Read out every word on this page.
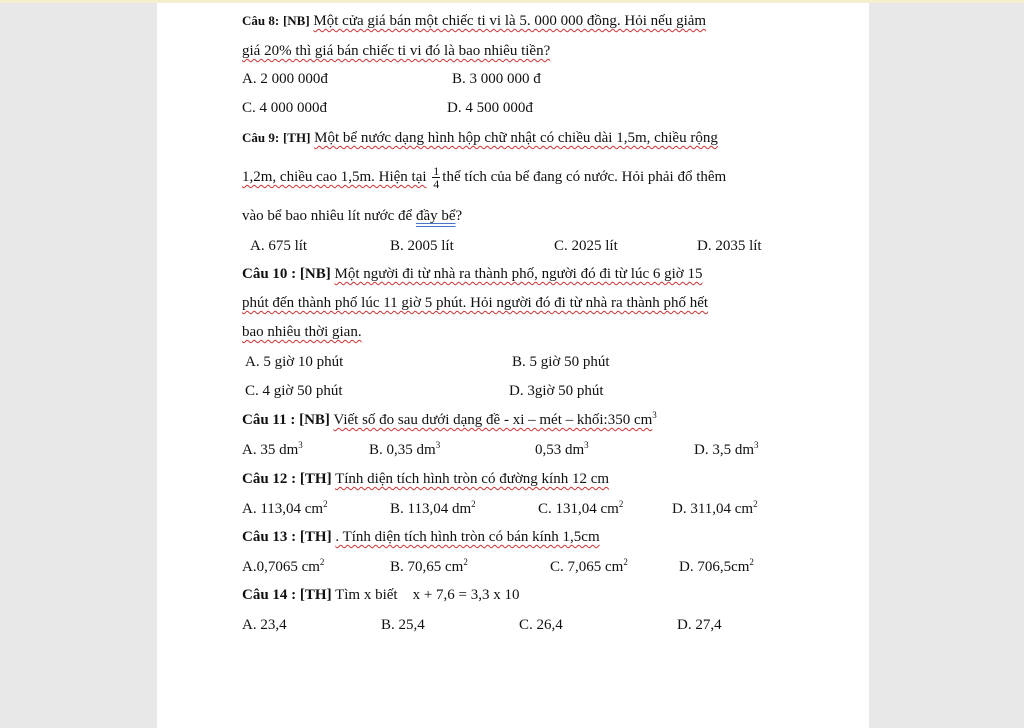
Câu 8: [NB] Một cửa giá bán một chiếc ti vi là 5. 000 000 đồng. Hỏi nếu giảm
giá 20% thì giá bán chiếc ti vi đó là bao nhiêu tiền?
A. 2 000 000đ	B. 3 000 000 đ
C. 4 000 000đ	D. 4 500 000đ
Câu 9: [TH] Một bể nước dạng hình hộp chữ nhật có chiều dài 1,5m, chiều rộng
1,2m, chiều cao 1,5m. Hiện tại $\frac{1}{4}$ thể tích của bể đang có nước. Hỏi phải đổ thêm
vào bể bao nhiêu lít nước để đầy bể?
A. 675 lít	B. 2005 lít	C. 2025 lít	D. 2035 lít
Câu 10 : [NB] Một người đi từ nhà ra thành phố, người đó đi từ lúc 6 giờ 15
phút đến thành phố lúc 11 giờ 5 phút. Hỏi người đó đi từ nhà ra thành phố hết
bao nhiêu thời gian.
A. 5 giờ 10 phút	B. 5 giờ 50 phút
C. 4 giờ 50 phút	D. 3giờ 50 phút
Câu 11 : [NB] Viết số đo sau dưới dạng đề - xi – mét – khối:350 $cm^3$
A. 35 $dm^3$	B. 0,35 $dm^3$	0,53 $dm^3$	D. 3,5 $dm^3$
Câu 12 : [TH] Tính diện tích hình tròn có đường kính 12 cm
A. 113,04 $cm^2$	B. 113,04 $dm^2$	C. 131,04 $cm^2$	D. 311,04 $cm^2$
Câu 13 : [TH] . Tính diện tích hình tròn có bán kính 1,5cm
A.0,7065 $cm^2$	B. 70,65 $cm^2$	C. 7,065 $cm^2$	D. $706,5cm^2$
Câu 14 : [TH] Tìm x biết    x + 7,6 = 3,3 x 10
A. 23,4	B. 25,4	C. 26,4	D. 27,4
